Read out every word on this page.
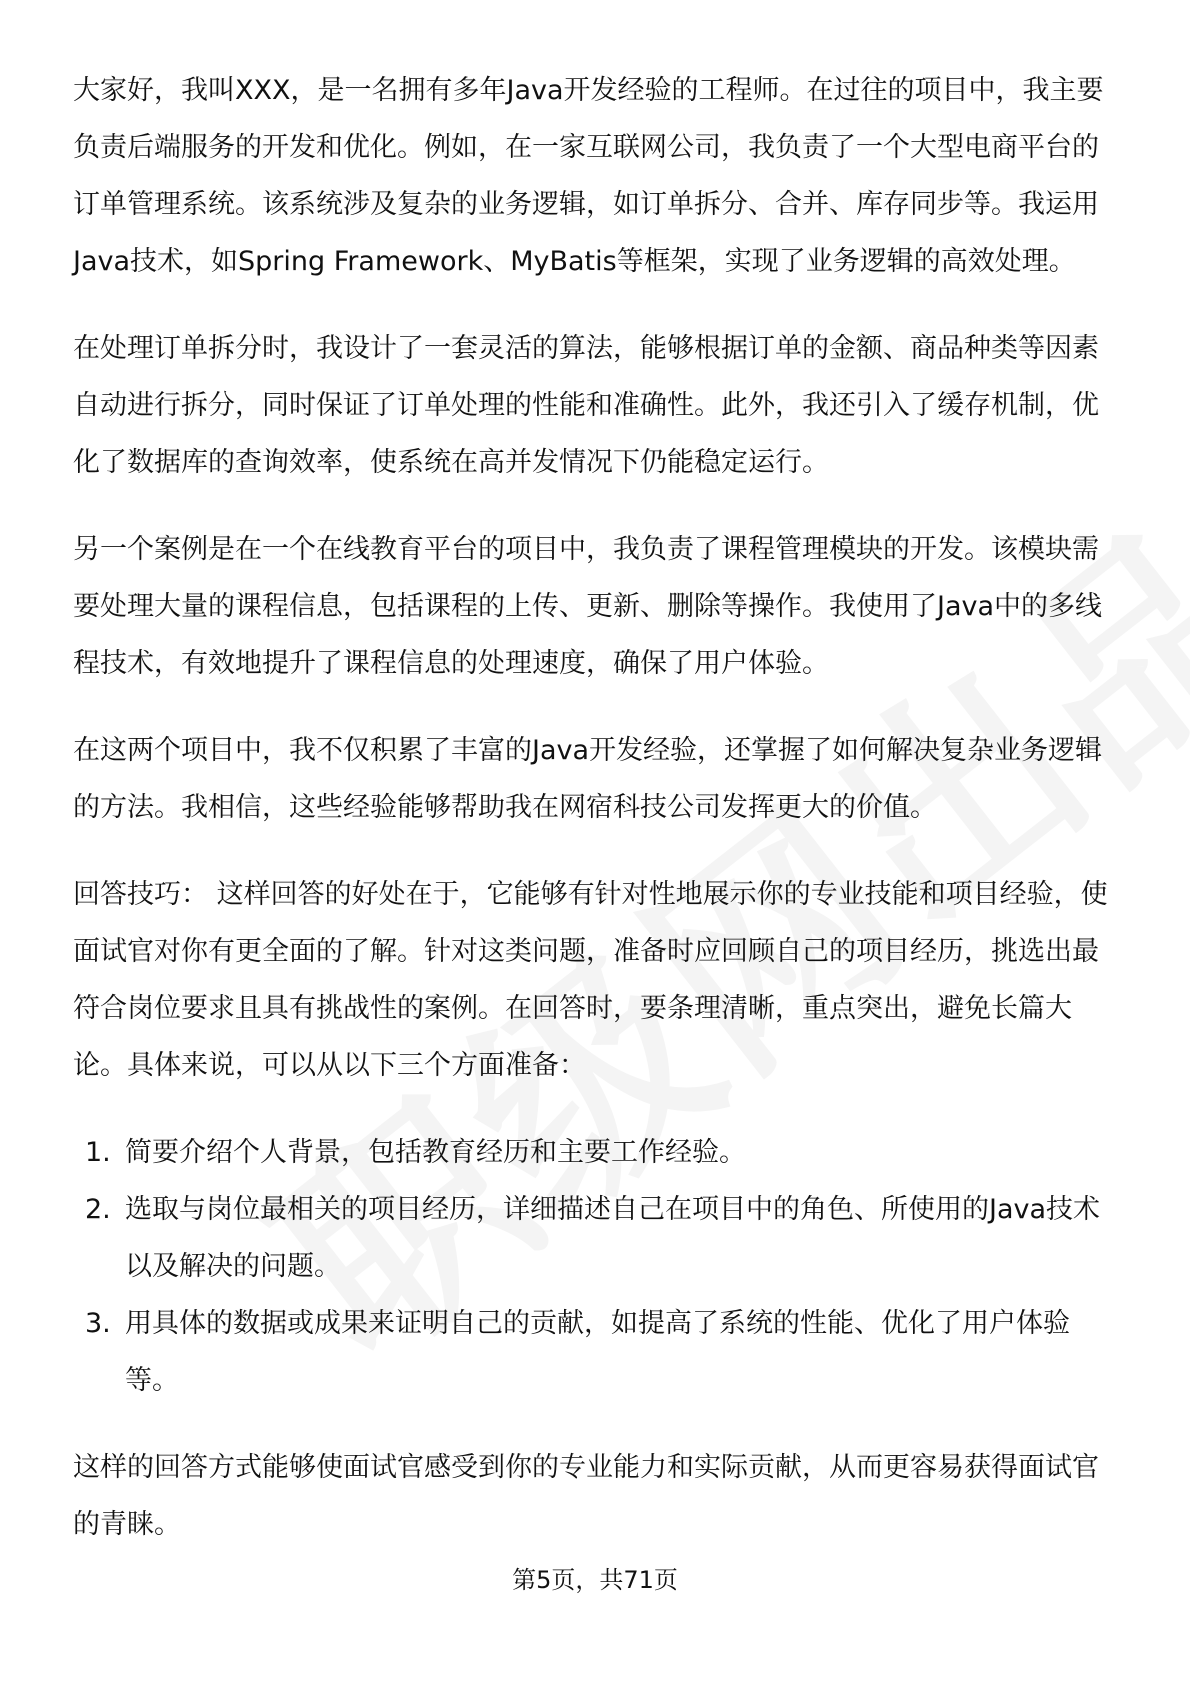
大家好，我叫XXX，是一名拥有多年Java开发经验的工程师。在过往的项目中，我主要负责后端服务的开发和优化。例如，在一家互联网公司，我负责了一个大型电商平台的订单管理系统。该系统涉及复杂的业务逻辑，如订单拆分、合并、库存同步等。我运用Java技术，如Spring Framework、MyBatis等框架，实现了业务逻辑的高效处理。

在处理订单拆分时，我设计了一套灵活的算法，能够根据订单的金额、商品种类等因素自动进行拆分，同时保证了订单处理的性能和准确性。此外，我还引入了缓存机制，优化了数据库的查询效率，使系统在高并发情况下仍能稳定运行。

另一个案例是在一个在线教育平台的项目中，我负责了课程管理模块的开发。该模块需要处理大量的课程信息，包括课程的上传、更新、删除等操作。我使用了Java中的多线程技术，有效地提升了课程信息的处理速度，确保了用户体验。

在这两个项目中，我不仅积累了丰富的Java开发经验，还掌握了如何解决复杂业务逻辑的方法。我相信，这些经验能够帮助我在网宿科技公司发挥更大的价值。

回答技巧： 这样回答的好处在于，它能够有针对性地展示你的专业技能和项目经验，使面试官对你有更全面的了解。针对这类问题，准备时应回顾自己的项目经历，挑选出最符合岗位要求且具有挑战性的案例。在回答时，要条理清晰，重点突出，避免长篇大论。具体来说，可以从以下三个方面准备：

1. 简要介绍个人背景，包括教育经历和主要工作经验。
2. 选取与岗位最相关的项目经历，详细描述自己在项目中的角色、所使用的Java技术以及解决的问题。
3. 用具体的数据或成果来证明自己的贡献，如提高了系统的性能、优化了用户体验等。

这样的回答方式能够使面试官感受到你的专业能力和实际贡献，从而更容易获得面试官的青睐。

第5页，共71页
